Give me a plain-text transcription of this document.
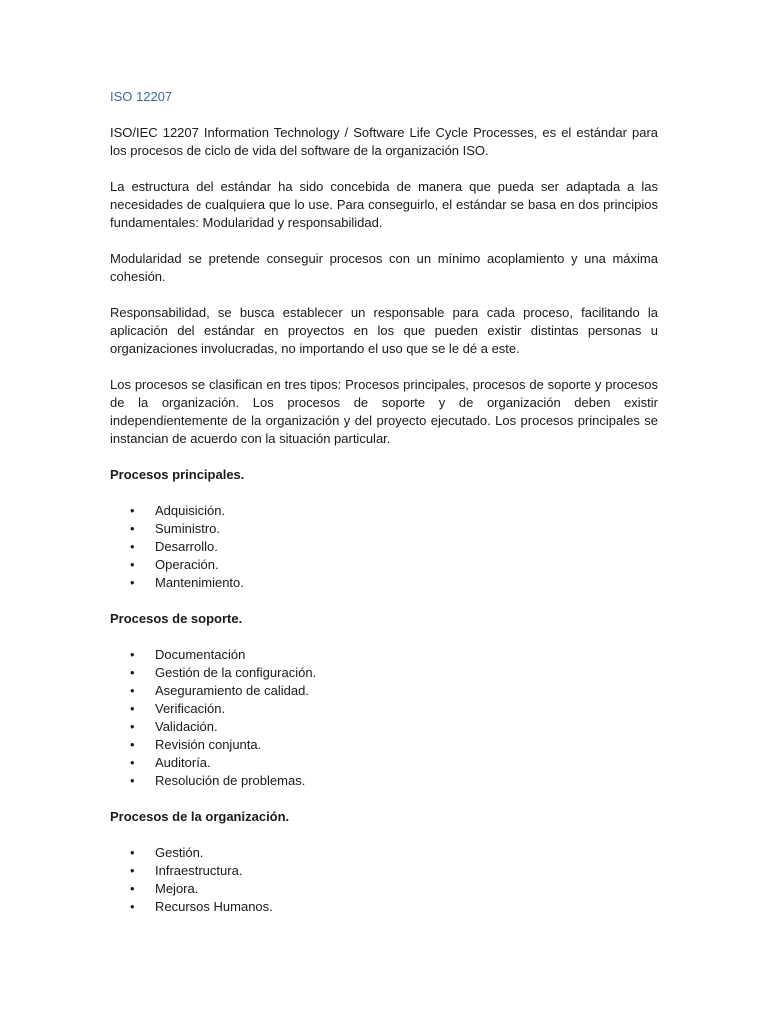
ISO 12207

ISO/IEC 12207 Information Technology / Software Life Cycle Processes, es el estándar para los procesos de ciclo de vida del software de la organización ISO.

La estructura del estándar ha sido concebida de manera que pueda ser adaptada a las necesidades de cualquiera que lo use. Para conseguirlo, el estándar se basa en dos principios fundamentales: Modularidad y responsabilidad.

Modularidad se pretende conseguir procesos con un mínimo acoplamiento y una máxima cohesión.

Responsabilidad, se busca establecer un responsable para cada proceso, facilitando la aplicación del estándar en proyectos en los que pueden existir distintas personas u organizaciones involucradas, no importando el uso que se le dé a este.

Los procesos se clasifican en tres tipos: Procesos principales, procesos de soporte y procesos de la organización. Los procesos de soporte y de organización deben existir independientemente de la organización y del proyecto ejecutado. Los procesos principales se instancian de acuerdo con la situación particular.

Procesos principales.
• Adquisición.
• Suministro.
• Desarrollo.
• Operación.
• Mantenimiento.
Procesos de soporte.
• Documentación
• Gestión de la configuración.
• Aseguramiento de calidad.
• Verificación.
• Validación.
• Revisión conjunta.
• Auditoría.
• Resolución de problemas.
Procesos de la organización.
• Gestión.
• Infraestructura.
• Mejora.
• Recursos Humanos.
